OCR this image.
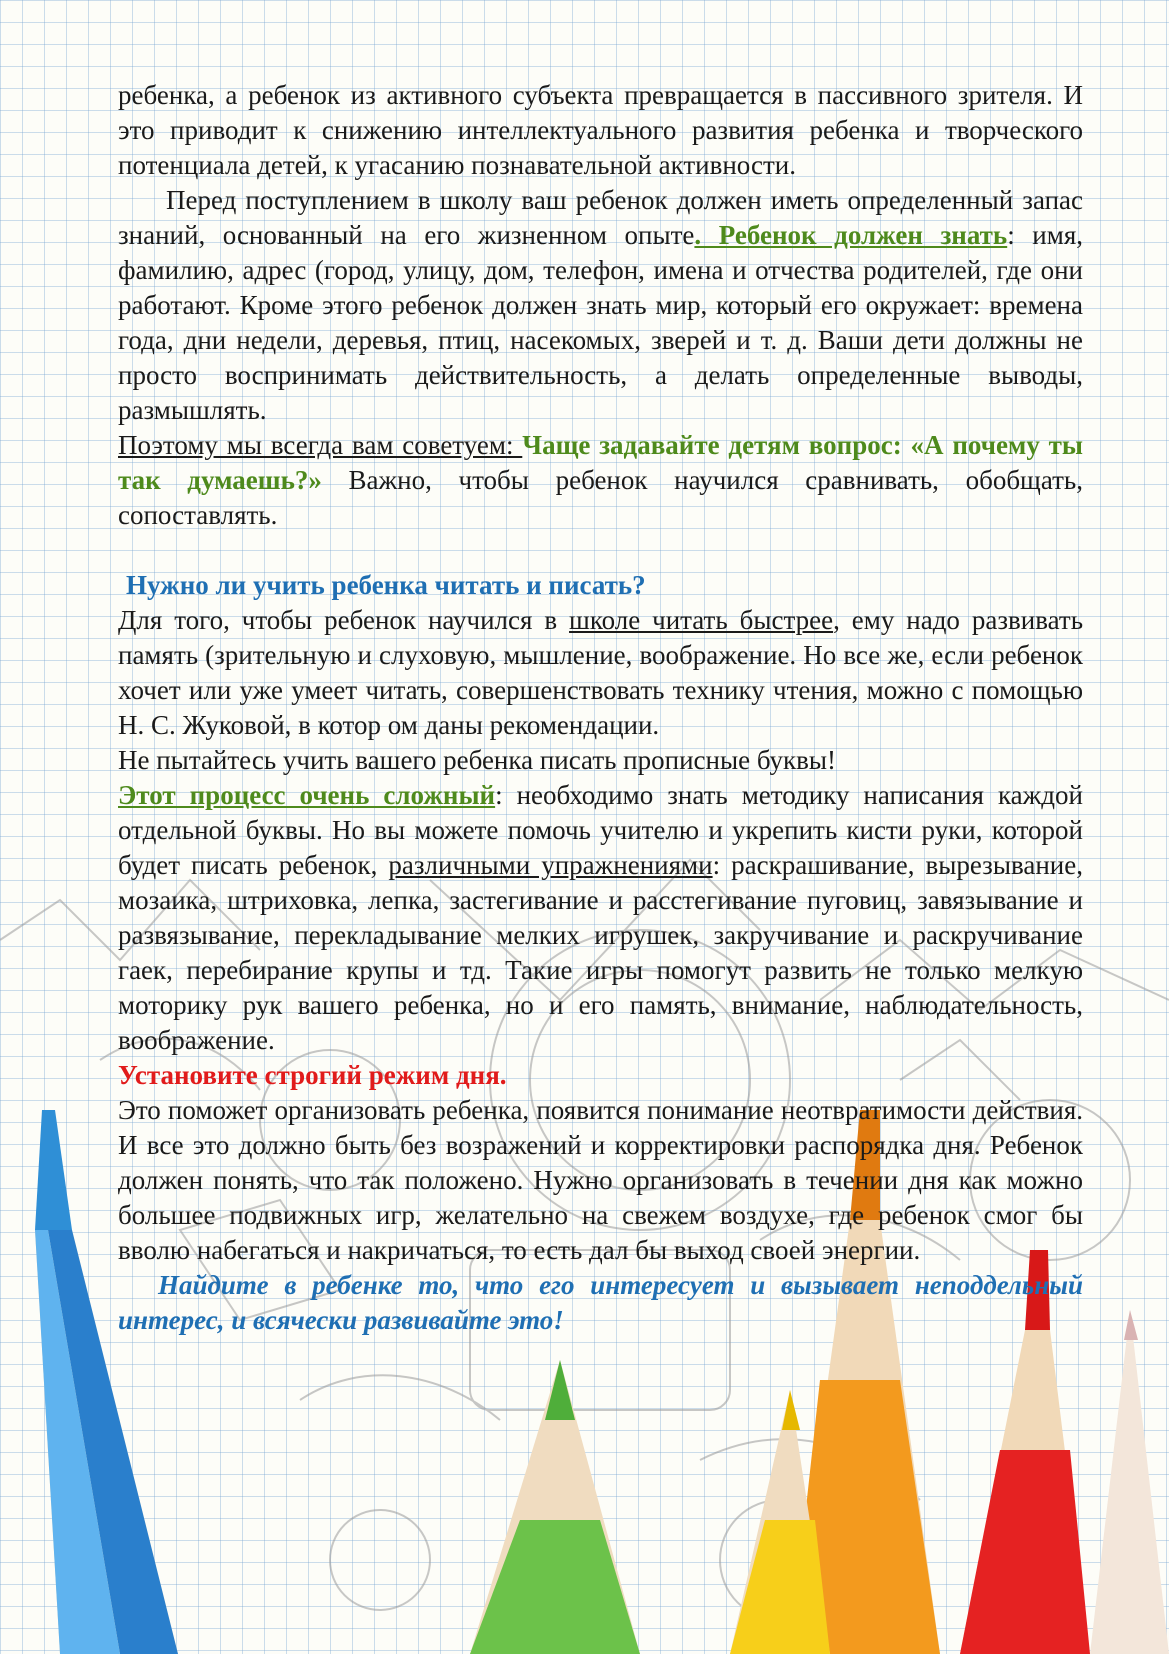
ребенка, а ребенок из активного субъекта превращается в пассивного зрителя. И это приводит к снижению интеллектуального развития ребенка и творческого потенциала детей, к угасанию познавательной активности.

Перед поступлением в школу ваш ребенок должен иметь определенный запас знаний, основанный на его жизненном опыте. Ребенок должен знать: имя, фамилию, адрес (город, улицу, дом, телефон, имена и отчества родителей, где они работают. Кроме этого ребенок должен знать мир, который его окружает: времена года, дни недели, деревья, птиц, насекомых, зверей и т. д. Ваши дети должны не просто воспринимать действительность, а делать определенные выводы, размышлять.

Поэтому мы всегда вам советуем: Чаще задавайте детям вопрос: «А почему ты так думаешь?» Важно, чтобы ребенок научился сравнивать, обобщать, сопоставлять.

Нужно ли учить ребенка читать и писать?

Для того, чтобы ребенок научился в школе читать быстрее, ему надо развивать память (зрительную и слуховую, мышление, воображение. Но все же, если ребенок хочет или уже умеет читать, совершенствовать технику чтения, можно с помощью Н. С. Жуковой, в котор ом даны рекомендации.

Не пытайтесь учить вашего ребенка писать прописные буквы!

Этот процесс очень сложный: необходимо знать методику написания каждой отдельной буквы. Но вы можете помочь учителю и укрепить кисти руки, которой будет писать ребенок, различными упражнениями: раскрашивание, вырезывание, мозаика, штриховка, лепка, застегивание и расстегивание пуговиц, завязывание и развязывание, перекладывание мелких игрушек, закручивание и раскручивание гаек, перебирание крупы и тд. Такие игры помогут развить не только мелкую моторику рук вашего ребенка, но и его память, внимание, наблюдательность, воображение.

Установите строгий режим дня.

Это поможет организовать ребенка, появится понимание неотвратимости действия. И все это должно быть без возражений и корректировки распорядка дня. Ребенок должен понять, что так положено. Нужно организовать в течении дня как можно большее подвижных игр, желательно на свежем воздухе, где ребенок смог бы вволю набегаться и накричаться, то есть дал бы выход своей энергии.

Найдите в ребенке то, что его интересует и вызывает неподдельный интерес, и всячески развивайте это!
